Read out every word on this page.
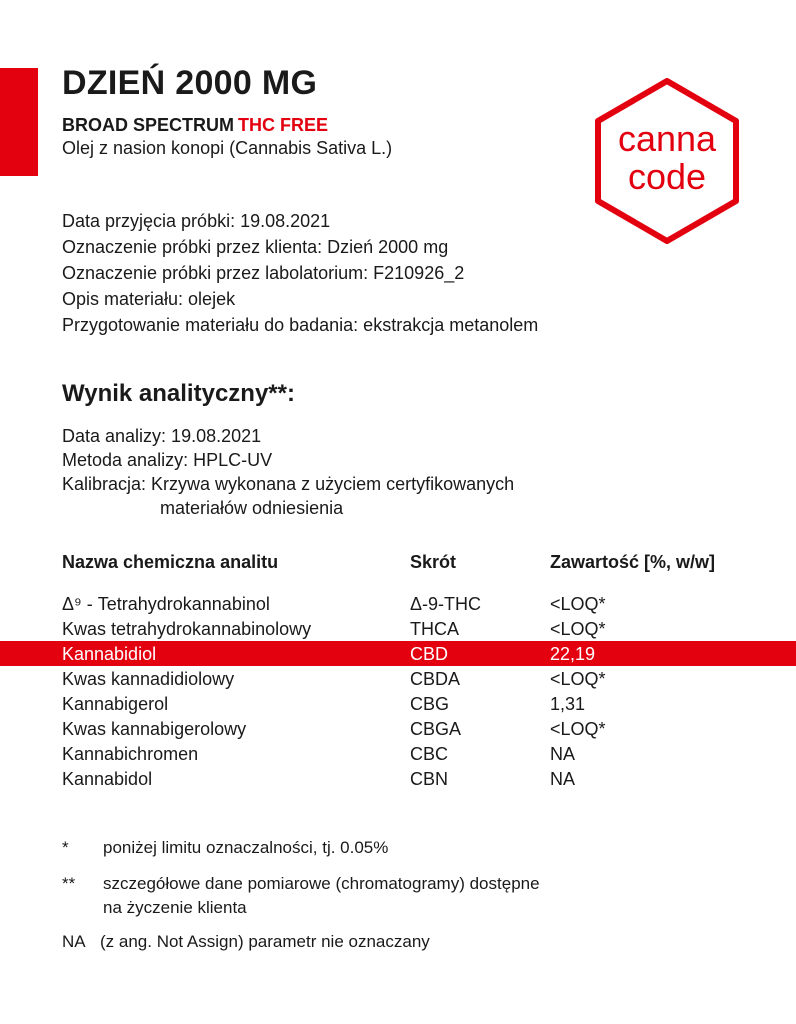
DZIEŃ 2000 MG
BROAD SPECTRUM THC FREE
Olej z nasion konopi (Cannabis Sativa L.)	canna
code
Data przyjęcia próbki: 19.08.2021
Oznaczenie próbki przez klienta: Dzień 2000 mg
Oznaczenie próbki przez labolatorium: F210926_2
Opis materiału: olejek
Przygotowanie materiału do badania: ekstrakcja metanolem
Wynik analityczny**:
Data analizy: 19.08.2021
Metoda analizy: HPLC-UV
Kalibracja: Krzywa wykonana z użyciem certyfikowanych
materiałów odniesienia
Nazwa chemiczna analitu	Skrót	Zawartość [%, w/w]
Δ⁹ - Tetrahydrokannabinol	Δ-9-THC	<LOQ*
Kwas tetrahydrokannabinolowy	THCA	<LOQ*
Kannabidiol	CBD	22,19
Kwas kannadidiolowy	CBDA	<LOQ*
Kannabigerol	CBG	1,31
Kwas kannabigerolowy	CBGA	<LOQ*
Kannabichromen	CBC	NA
Kannabidol	CBN	NA
* poniżej limitu oznaczalności, tj. 0.05%
** szczegółowe dane pomiarowe (chromatogramy) dostępne
na życzenie klienta
NA (z ang. Not Assign) parametr nie oznaczany
